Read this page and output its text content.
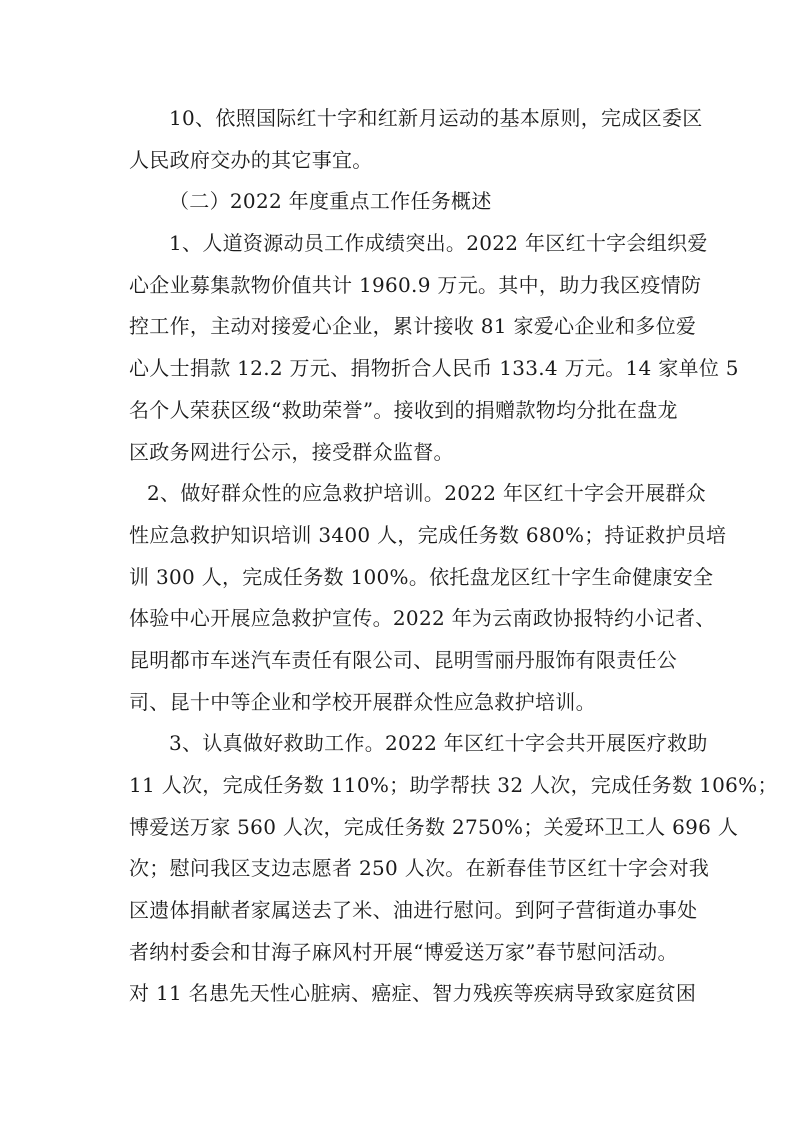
10、依照国际红十字和红新月运动的基本原则，完成区委区
人民政府交办的其它事宜。
（二）2022 年度重点工作任务概述
1、人道资源动员工作成绩突出。2022 年区红十字会组织爱
心企业募集款物价值共计 1960.9 万元。其中，助力我区疫情防
控工作，主动对接爱心企业，累计接收 81 家爱心企业和多位爱
心人士捐款 12.2 万元、捐物折合人民币 133.4 万元。14 家单位 5
名个人荣获区级“救助荣誉”。接收到的捐赠款物均分批在盘龙
区政务网进行公示，接受群众监督。
2、做好群众性的应急救护培训。2022 年区红十字会开展群众
性应急救护知识培训 3400 人，完成任务数 680%；持证救护员培
训 300 人，完成任务数 100%。依托盘龙区红十字生命健康安全
体验中心开展应急救护宣传。2022 年为云南政协报特约小记者、
昆明都市车迷汽车责任有限公司、昆明雪丽丹服饰有限责任公
司、昆十中等企业和学校开展群众性应急救护培训。
3、认真做好救助工作。2022 年区红十字会共开展医疗救助
11 人次，完成任务数 110%；助学帮扶 32 人次，完成任务数 106%；
博爱送万家 560 人次，完成任务数 2750%；关爱环卫工人 696 人
次；慰问我区支边志愿者 250 人次。在新春佳节区红十字会对我
区遗体捐献者家属送去了米、油进行慰问。到阿子营街道办事处
者纳村委会和甘海子麻风村开展“博爱送万家”春节慰问活动。
对 11 名患先天性心脏病、癌症、智力残疾等疾病导致家庭贫困
